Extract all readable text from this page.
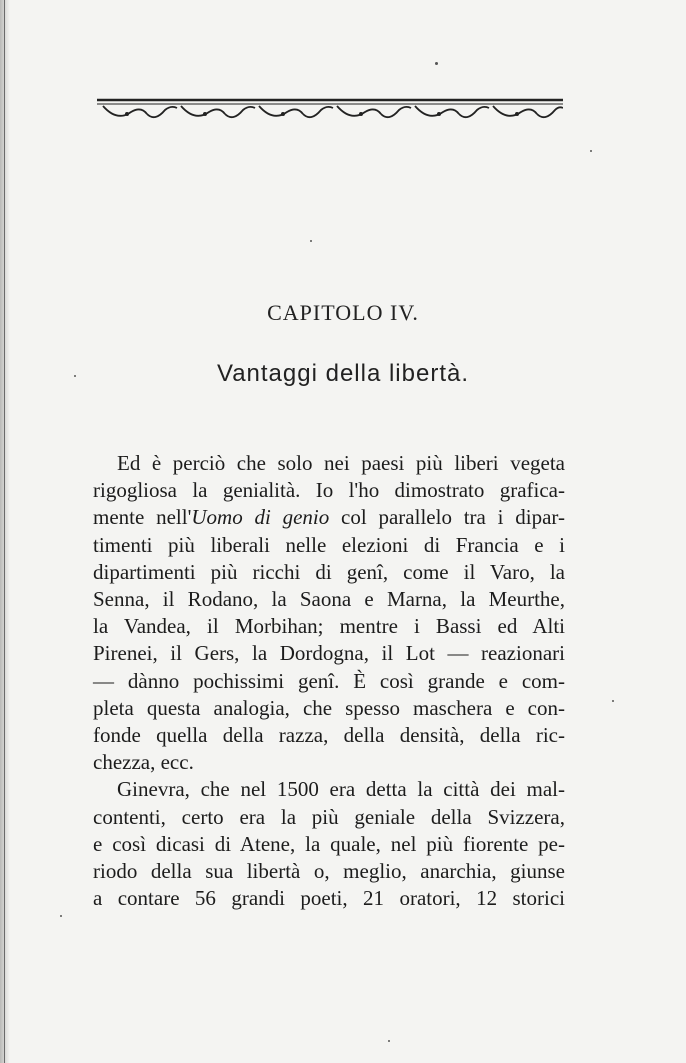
CAPITOLO IV.
Vantaggi della libertà.
Ed è perciò che solo nei paesi più liberi vegeta
rigogliosa la genialità. Io l'ho dimostrato grafica-
mente nell'Uomo di genio col parallelo tra i dipar-
timenti più liberali nelle elezioni di Francia e i
dipartimenti più ricchi di genî, come il Varo, la
Senna, il Rodano, la Saona e Marna, la Meurthe,
la Vandea, il Morbihan; mentre i Bassi ed Alti
Pirenei, il Gers, la Dordogna, il Lot — reazionari
— dànno pochissimi genî. È così grande e com-
pleta questa analogia, che spesso maschera e con-
fonde quella della razza, della densità, della ric-
chezza, ecc.
Ginevra, che nel 1500 era detta la città dei mal-
contenti, certo era la più geniale della Svizzera,
e così dicasi di Atene, la quale, nel più fiorente pe-
riodo della sua libertà o, meglio, anarchia, giunse
a contare 56 grandi poeti, 21 oratori, 12 storici
